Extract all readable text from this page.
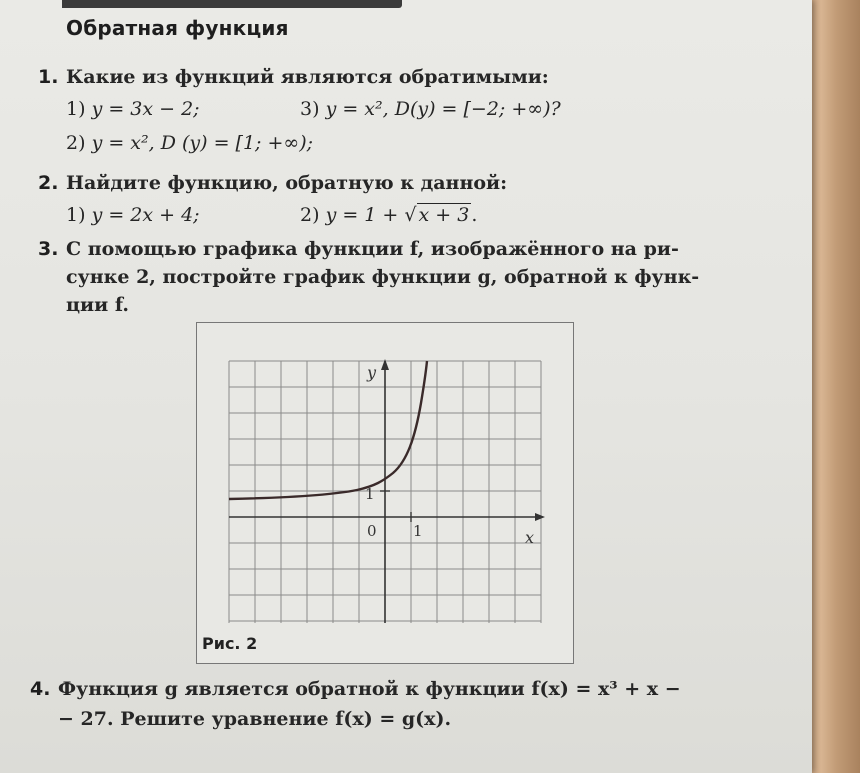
Обратная функция
1. Какие из функций являются обратимыми:
1) y = 3x − 2;	3) y = x², D(y) = [−2; +∞)?
2) y = x², D (y) = [1; +∞);
2. Найдите функцию, обратную к данной:
1) y = 2x + 4;	2) y = 1 + √ x + 3 .
3. С помощью графика функции f, изображённого на ри-
сунке 2, постройте график функции g, обратной к функ-
ции f.
y
1
0 1	x
Рис. 2
4. Функция g является обратной к функции f(x) = x³ + x −
− 27. Решите уравнение f(x) = g(x).
